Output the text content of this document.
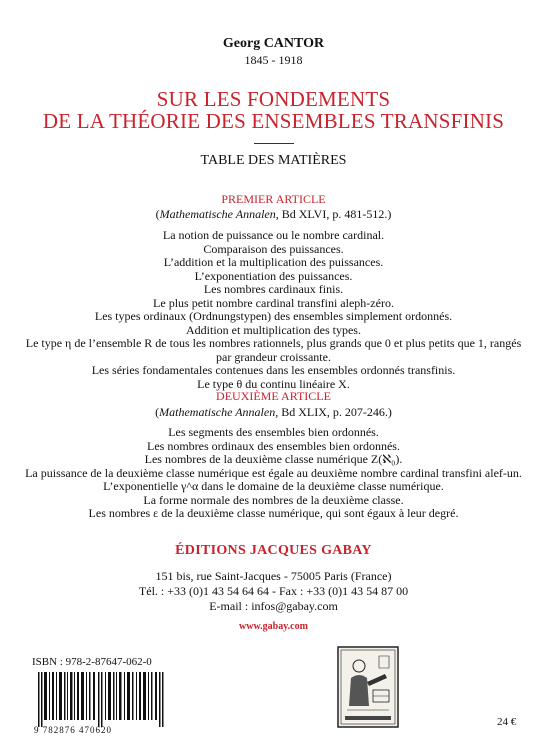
Georg CANTOR
1845 - 1918
SUR LES FONDEMENTS
DE LA THÉORIE DES ENSEMBLES TRANSFINIS
TABLE DES MATIÈRES
PREMIER ARTICLE
(Mathematische Annalen, Bd XLVI, p. 481-512.)
La notion de puissance ou le nombre cardinal.
Comparaison des puissances.
L’addition et la multiplication des puissances.
L’exponentiation des puissances.
Les nombres cardinaux finis.
Le plus petit nombre cardinal transfini aleph-zéro.
Les types ordinaux (Ordnungstypen) des ensembles simplement ordonnés.
Addition et multiplication des types.
Le type η de l’ensemble R de tous les nombres rationnels, plus grands que 0 et plus petits que 1, rangés
par grandeur croissante.
Les séries fondamentales contenues dans les ensembles ordonnés transfinis.
Le type θ du continu linéaire X.
DEUXIÈME ARTICLE
(Mathematische Annalen, Bd XLIX, p. 207-246.)
Les segments des ensembles bien ordonnés.
Les nombres ordinaux des ensembles bien ordonnés.
Les nombres de la deuxième classe numérique Z(ℵ₀).
La puissance de la deuxième classe numérique est égale au deuxième nombre cardinal transfini alef-un.
L’exponentielle γ^α dans le domaine de la deuxième classe numérique.
La forme normale des nombres de la deuxième classe.
Les nombres ε de la deuxième classe numérique, qui sont égaux à leur degré.
ÉDITIONS JACQUES GABAY
151 bis, rue Saint-Jacques - 75005 Paris (France)
Tél. : +33 (0)1 43 54 64 64 - Fax : +33 (0)1 43 54 87 00
E-mail : infos@gabay.com
www.gabay.com
ISBN : 978-2-87647-062-0
9 782876 470620
24 €
